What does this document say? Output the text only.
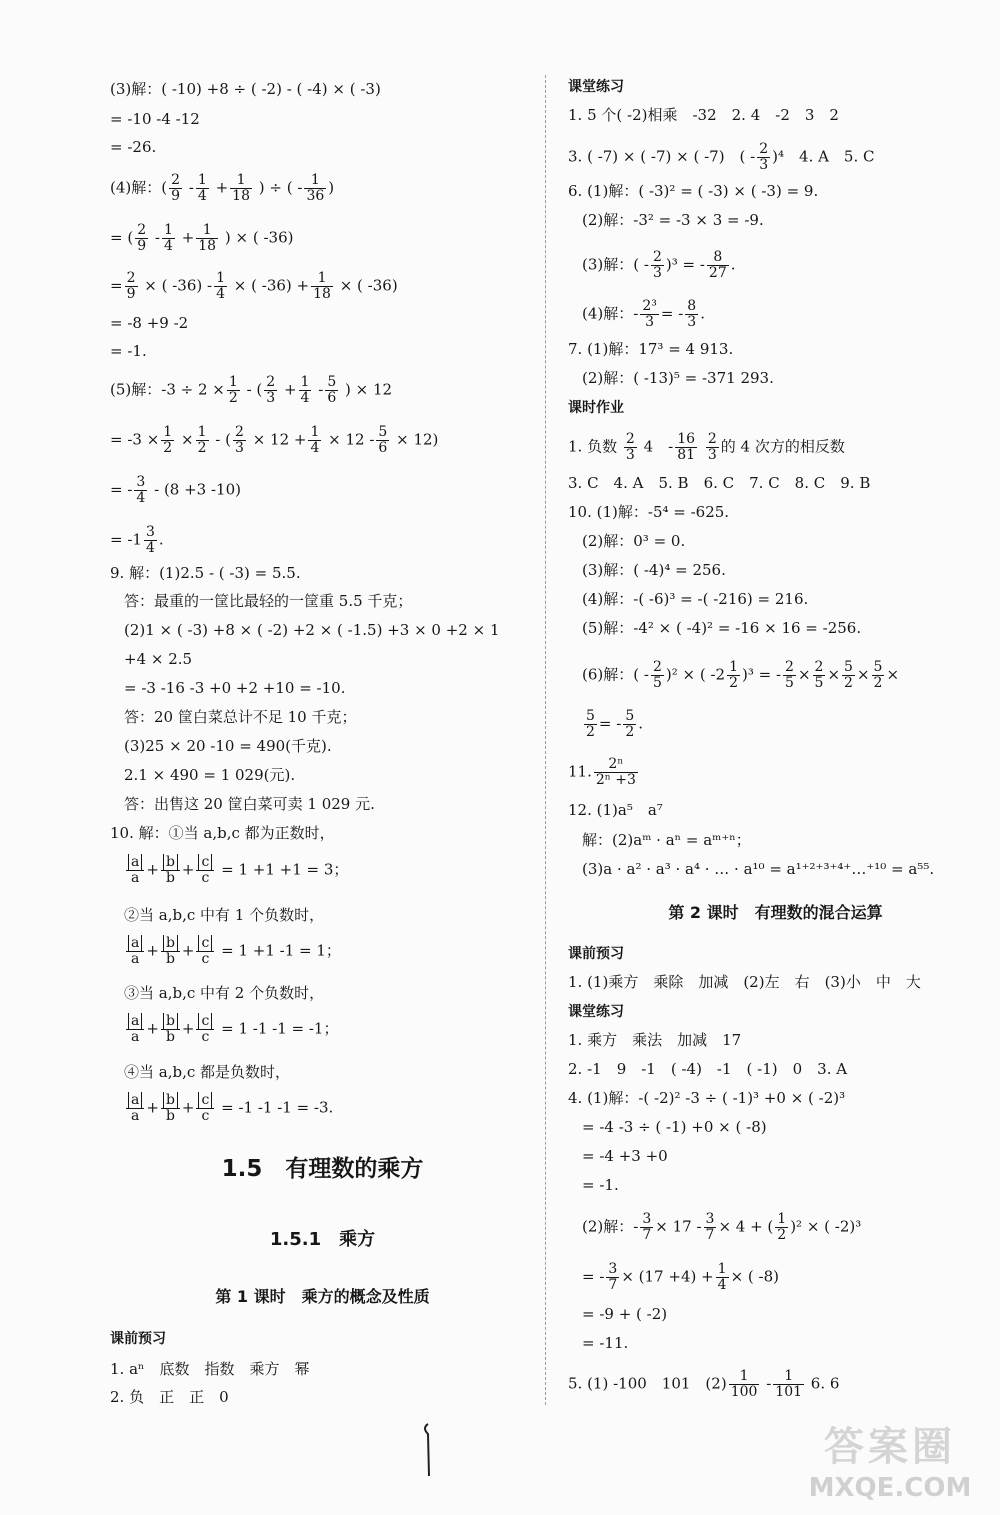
(3)解：( -10) +8 ÷ ( -2) - ( -4) × ( -3)
= -10 -4 -12
= -26.
(4)解：( $\frac{2}{9} - \frac{1}{4} + \frac{1}{18}$ ) ÷ ( - $\frac{1}{36}$ )
= ( $\frac{2}{9} - \frac{1}{4} + \frac{1}{18}$ ) × ( -36)
= $\frac{2}{9}$ × ( $-36) - \frac{1}{4}$ × ( $-36) + \frac{1}{18}$ × ( -36)
= -8 +9 -2
= -1.
(5)解：$-3 \div 2 \times \frac{1}{2}$ - ( $\frac{2}{3} + \frac{1}{4} - \frac{5}{6}$ ) × 12
= $-3 \times \frac{1}{2} \times \frac{1}{2}$ - ( $\frac{2}{3} \times 12 + \frac{1}{4} \times 12 - \frac{5}{6} \times 12$)
= - $\frac{3}{4} - (8 +3$ -10)
= $-1 \frac{3}{4}$ .
9. 解：(1)2.5 - ( -3) = 5.5.
答：最重的一筐比最轻的一筐重 5.5 千克；
(2)1 × ( -3) +8 × ( -2) +2 × ( -1.5) +3 × 0 +2 × 1
+4 × 2.5
= -3 -16 -3 +0 +2 +10 = -10.
答：20 筐白菜总计不足 10 千克；
(3)25 × 20 -10 = 490(千克).
2.1 × 490 = 1 029(元).
答：出售这 20 筐白菜可卖 1 029 元.
10. 解：①当 a,b,c 都为正数时，
$\frac{a}{a} + \frac{b}{b} + \frac{c}{c} = 1 +1 +1 = 3$；
②当 a,b,c 中有 1 个负数时，
$\frac{a}{a} + \frac{b}{b} + \frac{c}{c} = 1 +1$ -1 = 1；
③当 a,b,c 中有 2 个负数时，
$\frac{a}{a} + \frac{b}{b} + \frac{c}{c} = 1$ -1 -1 = -1；
④当 a,b,c 都是负数时，
$\frac{a}{a} + \frac{b}{b} + \frac{c}{c} = -1$ -1 -1 = -3.
1.5　有理数的乘方
1.5.1　乘方
第 1 课时　乘方的概念及性质
课前预习
1. aⁿ　底数　指数　乘方　幂
2. 负　正　正　0
课堂练习
1. 5 个( -2)相乘　-32　2. 4　-2　3　2
3. ( -7) × ( -7) × ( -7)　( - $\frac{2}{3} )^4$　4. A　5. C
6. (1)解：( -3)² = ( -3) × ( -3) = 9.
(2)解：-3² = -3 × 3 = -9.
(3)解：( - $\frac{2}{3} )^3$ = - $\frac{8}{27}$ .
(4)解：- $\frac{\text{2³}}{3}$ = - $\frac{8}{3}$ .
7. (1)解：17³ = 4 913.
(2)解：( -13)⁵ = -371 293.
课时作业
1. 负数 $\frac{2}{3} 4$　- $\frac{16}{81}$
$\frac{2}{3}$ 的 4 次方的相反数
3. C　4. A　5. B　6. C　7. C　8. C　9. B
10. (1)解：-5⁴ = -625.
(2)解：0³ = 0.
(3)解：( -4)⁴ = 256.
(4)解：-( -6)³ = -( -216) = 216.
(5)解：-4² × ( -4)² = -16 × 16 = -256.
(6)解：( - $\frac{2}{5} )^2$ × ( $-2 \frac{1}{2} )^3$ = - $\frac{2}{5} \times \frac{2}{5} \times \frac{5}{2} \times \frac{5}{2}$ ×
$\frac{5}{2}$ = - $\frac{5}{2}$ .
11. $\frac{\text{2ⁿ}}{\text{2ⁿ +3}}$
12. (1)a⁵　a⁷
解：(2)aᵐ · aⁿ = aᵐ⁺ⁿ；
(3)a · a² · a³ · a⁴ · … · a¹⁰ = a¹⁺²⁺³⁺⁴⁺…⁺¹⁰ = a⁵⁵.
第 2 课时　有理数的混合运算
课前预习
1. (1)乘方　乘除　加减　(2)左　右　(3)小　中　大
课堂练习
1. 乘方　乘法　加减　17
2. -1　9　-1　( -4)　-1　( -1)　0　3. A
4. (1)解：-( -2)² -3 ÷ ( -1)³ +0 × ( -2)³
= -4 -3 ÷ ( -1) +0 × ( -8)
= -4 +3 +0
= -1.
(2)解：- $\frac{3}{7} \times 17 - \frac{3}{7} \times 4$ + ( $\frac{1}{2} )^2$ × ( -2)³
= - $\frac{3}{7} \times (17 +4) + \frac{1}{4}$ × ( -8)
= -9 + ( -2)
= -11.
5. (1) -100　101　$(2) \frac{1}{100} - \frac{1}{101} 6$. 6
答案圈
MXQE.COM
